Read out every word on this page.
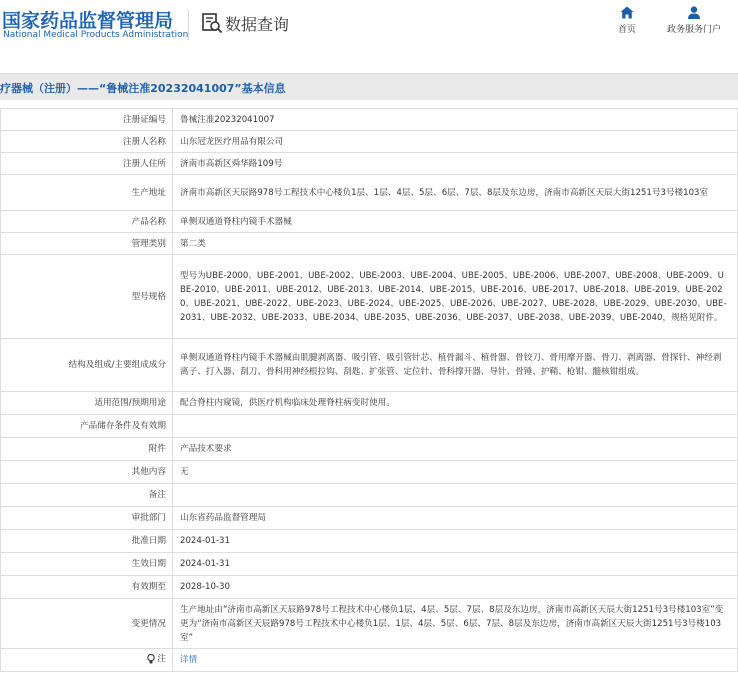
国家药品监督管理局
National Medical Products Administration
数据查询	首页	政务服务门户
疗器械（注册）——“鲁械注准20232041007”基本信息
注册证编号	鲁械注准20232041007
注册人名称	山东冠龙医疗用品有限公司
注册人住所	济南市高新区舜华路109号
生产地址	济南市高新区天辰路978号工程技术中心楼负1层、1层、4层、5层、6层、7层、8层及东边房，济南市高新区天辰大街1251号3号楼103室
产品名称	单侧双通道脊柱内镜手术器械
管理类别	第二类
型号规格	型号为UBE-2000、UBE-2001、UBE-2002、UBE-2003、UBE-2004、UBE-2005、UBE-2006、UBE-2007、UBE-2008、UBE-2009、UBE-2010、UBE-2011、UBE-2012、UBE-2013、UBE-2014、UBE-2015、UBE-2016、UBE-2017、UBE-2018、UBE-2019、UBE-2020、UBE-2021、UBE-2022、UBE-2023、UBE-2024、UBE-2025、UBE-2026、UBE-2027、UBE-2028、UBE-2029、UBE-2030、UBE-2031、UBE-2032、UBE-2033、UBE-2034、UBE-2035、UBE-2036、UBE-2037、UBE-2038、UBE-2039、UBE-2040，规格见附件。
结构及组成/主要组成成分	单侧双通道脊柱内镜手术器械由肌腱剥离器、吸引管、吸引管针芯、植骨漏斗、植骨器、骨铰刀、骨用摩开器、骨刀、剥离器、骨探针、神经剥离子、打入器、刮刀、骨科用神经根拉钩、刮匙、扩张管、定位针、骨科撑开器、导针、骨锤、护鞘、枪钳、髓核钳组成。
适用范围/预期用途	配合脊柱内窥镜，供医疗机构临床处理脊柱病变时使用。
产品储存条件及有效期	
附件	产品技术要求
其他内容	无
备注	
审批部门	山东省药品监督管理局
批准日期	2024-01-31
生效日期	2024-01-31
有效期至	2028-10-30
变更情况	生产地址由“济南市高新区天辰路978号工程技术中心楼负1层、4层、5层、7层、8层及东边房，济南市高新区天辰大街1251号3号楼103室”变更为“济南市高新区天辰路978号工程技术中心楼负1层、1层、4层、5层、6层、7层、8层及东边房，济南市高新区天辰大街1251号3号楼103室”

注	详情
